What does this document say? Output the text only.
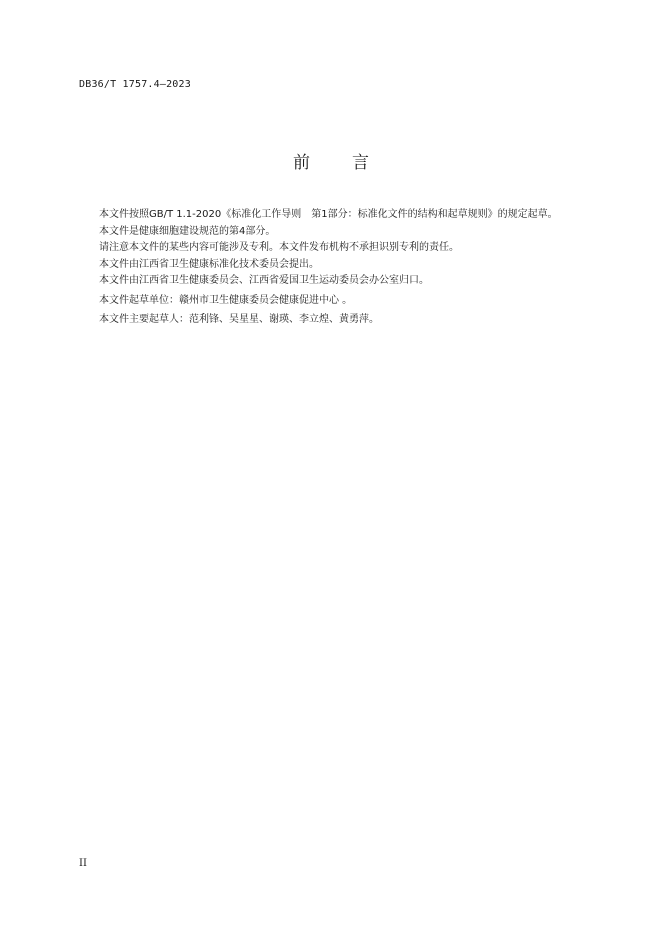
DB36/T 1757.4—2023
前 言

本文件按照GB/T 1.1-2020《标准化工作导则　第1部分：标准化文件的结构和起草规则》的规定起草。

本文件是健康细胞建设规范的第4部分。

请注意本文件的某些内容可能涉及专利。本文件发布机构不承担识别专利的责任。

本文件由江西省卫生健康标准化技术委员会提出。

本文件由江西省卫生健康委员会、江西省爱国卫生运动委员会办公室归口。

本文件起草单位：赣州市卫生健康委员会健康促进中心 。

本文件主要起草人：范利锋、吴星星、谢瑛、李立煌、黄勇萍。

II
